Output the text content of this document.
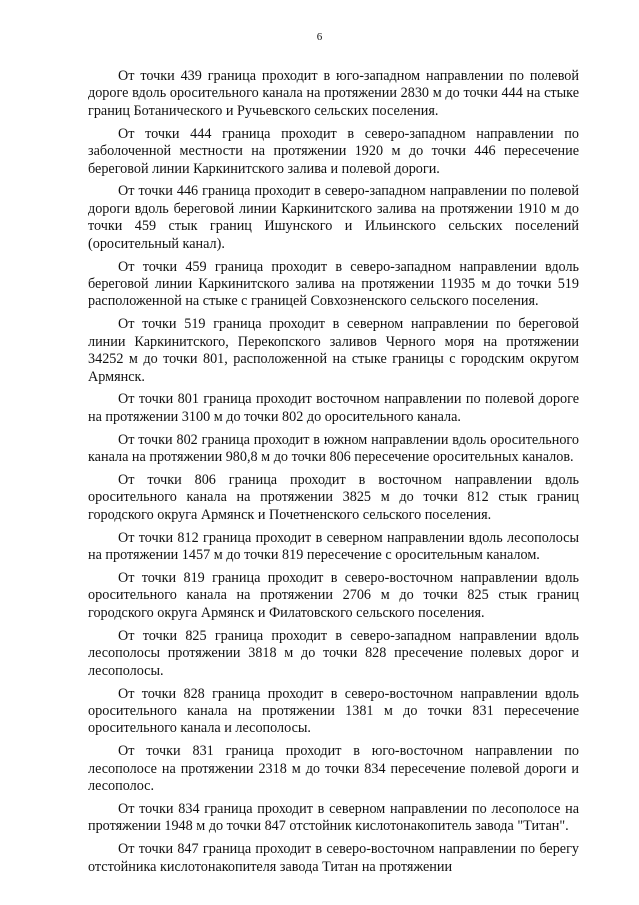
6

От точки 439 граница проходит в юго-западном направлении по полевой дороге вдоль оросительного канала на протяжении 2830 м до точки 444 на стыке границ Ботанического и Ручьевского сельских поселения.

От точки 444 граница проходит в северо-западном направлении по заболоченной местности на протяжении 1920 м до точки 446 пересечение береговой линии Каркинитского залива и полевой дороги.

От точки 446 граница проходит в северо-западном направлении по полевой дороги вдоль береговой линии Каркинитского залива на протяжении 1910 м до точки 459 стык границ Ишунского и Ильинского сельских поселений (оросительный канал).

От точки 459 граница проходит в северо-западном направлении вдоль береговой линии Каркинитского залива на протяжении 11935 м до точки 519 расположенной на стыке с границей Совхозненского сельского поселения.

От точки 519 граница проходит в северном направлении по береговой линии Каркинитского, Перекопского заливов Черного моря на протяжении 34252 м до точки 801, расположенной на стыке границы с городским округом Армянск.

От точки 801 граница проходит восточном направлении по полевой дороге на протяжении 3100 м до точки 802 до оросительного канала.

От точки 802 граница проходит в южном направлении вдоль оросительного канала на протяжении 980,8 м до точки 806 пересечение оросительных каналов.

От точки 806 граница проходит в восточном направлении вдоль оросительного канала на протяжении 3825 м до точки 812 стык границ городского округа Армянск и Почетненского сельского поселения.

От точки 812 граница проходит в северном направлении вдоль лесополосы на протяжении 1457 м до точки 819 пересечение с оросительным каналом.

От точки 819 граница проходит в северо-восточном направлении вдоль оросительного канала на протяжении 2706 м до точки 825 стык границ городского округа Армянск и Филатовского сельского поселения.

От точки 825 граница проходит в северо-западном направлении вдоль лесополосы протяжении 3818 м до точки 828 пресечение полевых дорог и лесополосы.

От точки 828 граница проходит в северо-восточном направлении вдоль оросительного канала на протяжении 1381 м до точки 831 пересечение оросительного канала и лесополосы.

От точки 831 граница проходит в юго-восточном направлении по лесополосе на протяжении 2318 м до точки 834 пересечение полевой дороги и лесополос.

От точки 834 граница проходит в северном направлении по лесополосе на протяжении 1948 м до точки 847 отстойник кислотонакопитель завода "Титан".

От точки 847 граница проходит в северо-восточном направлении по берегу отстойника кислотонакопителя завода Титан на протяжении
